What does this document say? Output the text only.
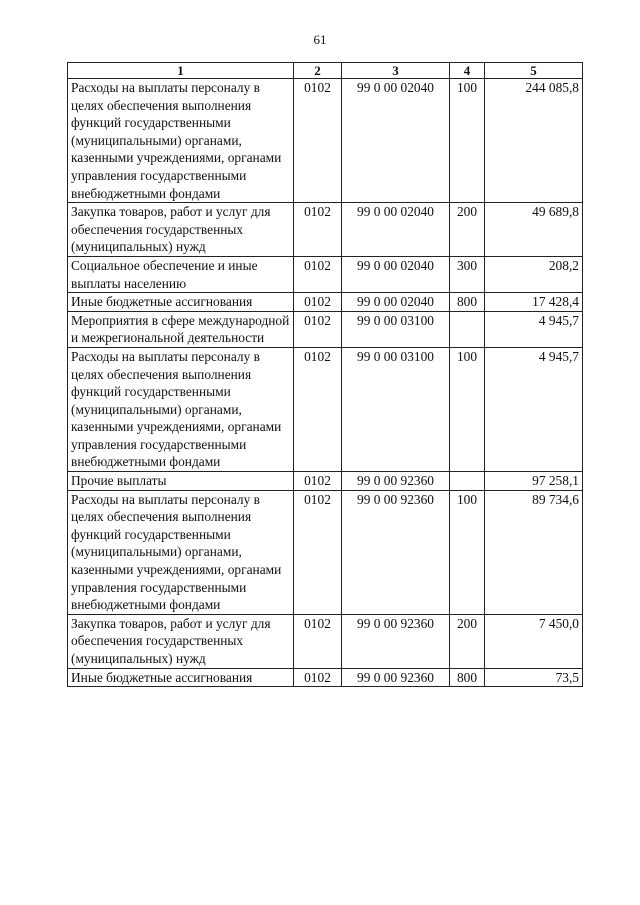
61
1	2	3	4	5
Расходы на выплаты персоналу в целях обеспечения выполнения функций государственными (муниципальными) органами, казенными учреждениями, органами управления государственными внебюджетными фондами	0102	99 0 00 02040	100	244 085,8
Закупка товаров, работ и услуг для обеспечения государственных (муниципальных) нужд	0102	99 0 00 02040	200	49 689,8
Социальное обеспечение и иные выплаты населению	0102	99 0 00 02040	300	208,2
Иные бюджетные ассигнования	0102	99 0 00 02040	800	17 428,4
Мероприятия в сфере международной и межрегиональной деятельности	0102	99 0 00 03100		4 945,7
Расходы на выплаты персоналу в целях обеспечения выполнения функций государственными (муниципальными) органами, казенными учреждениями, органами управления государственными внебюджетными фондами	0102	99 0 00 03100	100	4 945,7
Прочие выплаты	0102	99 0 00 92360		97 258,1
Расходы на выплаты персоналу в целях обеспечения выполнения функций государственными (муниципальными) органами, казенными учреждениями, органами управления государственными внебюджетными фондами	0102	99 0 00 92360	100	89 734,6
Закупка товаров, работ и услуг для обеспечения государственных (муниципальных) нужд	0102	99 0 00 92360	200	7 450,0
Иные бюджетные ассигнования	0102	99 0 00 92360	800	73,5
